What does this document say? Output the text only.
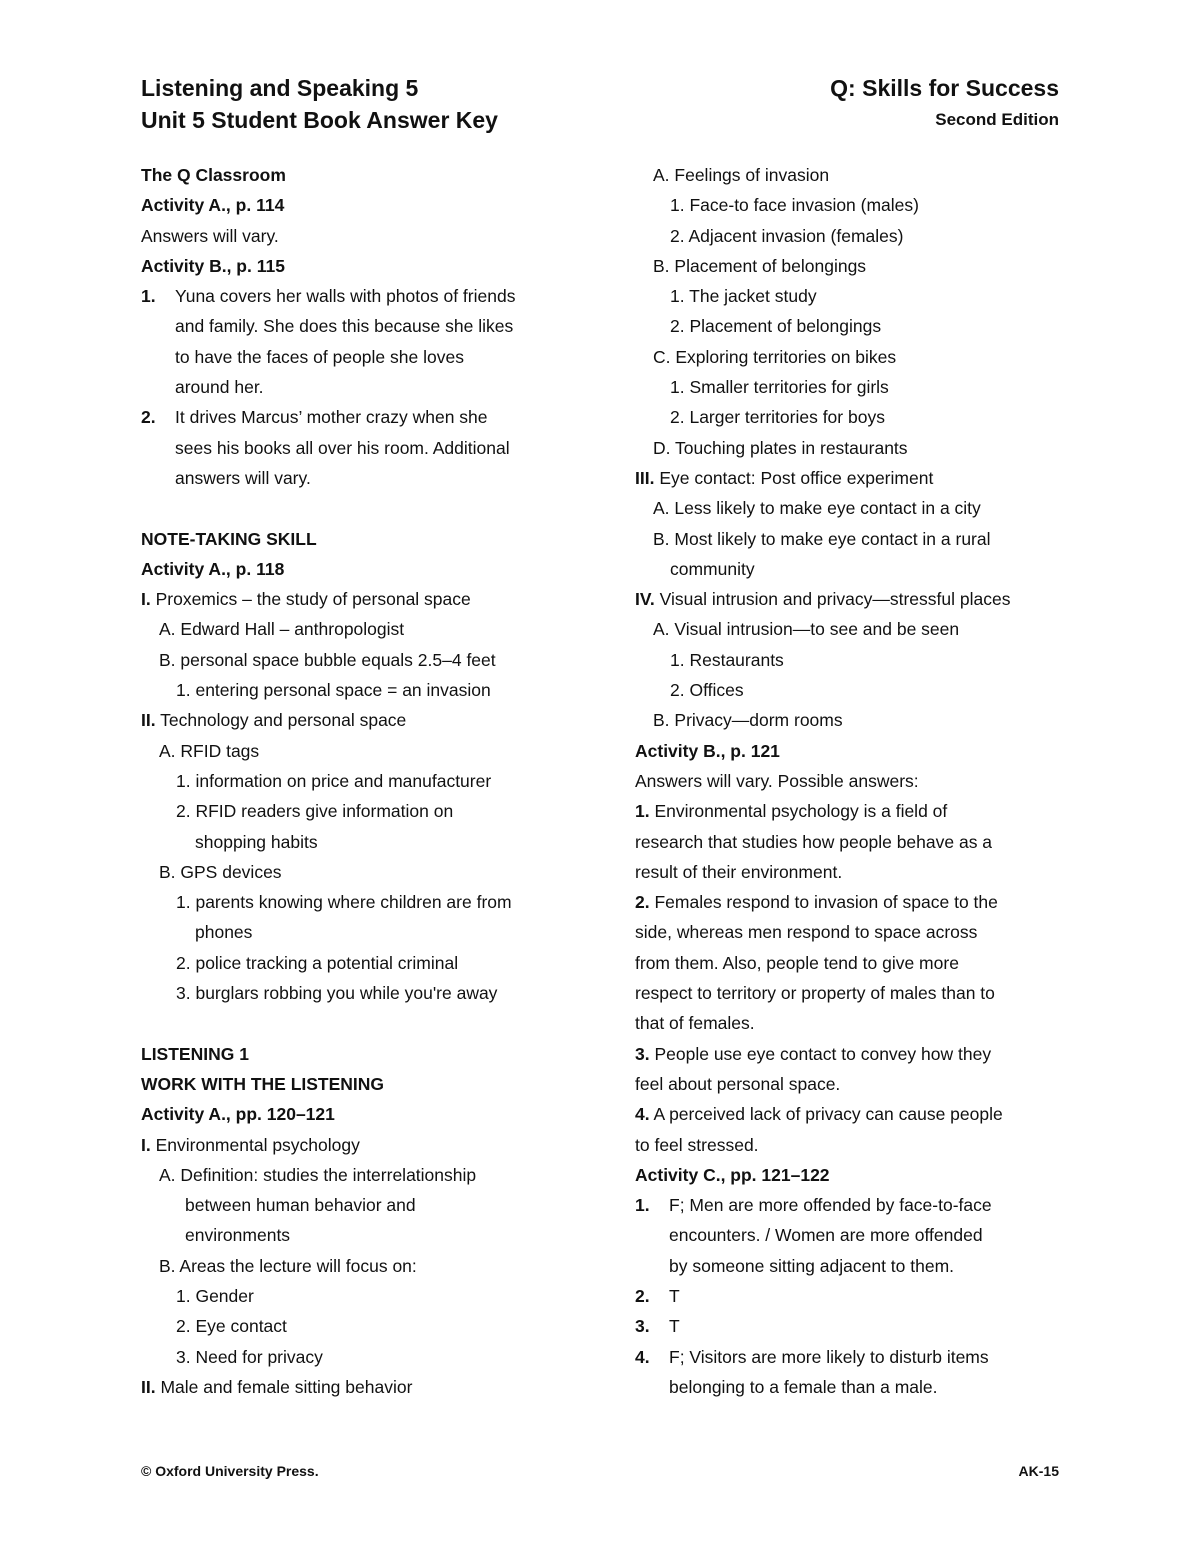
Listening and Speaking 5
Unit 5 Student Book Answer Key
Q: Skills for Success
Second Edition
The Q Classroom
Activity A., p. 114
Answers will vary.
Activity B., p. 115
1. Yuna covers her walls with photos of friends
and family. She does this because she likes
to have the faces of people she loves
around her.
2. It drives Marcus’ mother crazy when she
sees his books all over his room. Additional
answers will vary.
NOTE-TAKING SKILL
Activity A., p. 118
I. Proxemics – the study of personal space
A. Edward Hall – anthropologist
B. personal space bubble equals 2.5–4 feet
1. entering personal space = an invasion
II. Technology and personal space
A. RFID tags
1. information on price and manufacturer
2. RFID readers give information on
shopping habits
B. GPS devices
1. parents knowing where children are from
phones
2. police tracking a potential criminal
3. burglars robbing you while you're away
LISTENING 1
WORK WITH THE LISTENING
Activity A., pp. 120–121
I. Environmental psychology
A. Definition: studies the interrelationship
between human behavior and
environments
B. Areas the lecture will focus on:
1. Gender
2. Eye contact
3. Need for privacy
II. Male and female sitting behavior
A. Feelings of invasion
1. Face-to face invasion (males)
2. Adjacent invasion (females)
B. Placement of belongings
1. The jacket study
2. Placement of belongings
C. Exploring territories on bikes
1. Smaller territories for girls
2. Larger territories for boys
D. Touching plates in restaurants
III. Eye contact: Post office experiment
A. Less likely to make eye contact in a city
B. Most likely to make eye contact in a rural
community
IV. Visual intrusion and privacy—stressful places
A. Visual intrusion—to see and be seen
1. Restaurants
2. Offices
B. Privacy—dorm rooms
Activity B., p. 121
Answers will vary. Possible answers:
1. Environmental psychology is a field of
research that studies how people behave as a
result of their environment.
2. Females respond to invasion of space to the
side, whereas men respond to space across
from them. Also, people tend to give more
respect to territory or property of males than to
that of females.
3. People use eye contact to convey how they
feel about personal space.
4. A perceived lack of privacy can cause people
to feel stressed.
Activity C., pp. 121–122
1. F; Men are more offended by face-to-face
encounters. / Women are more offended
by someone sitting adjacent to them.
2. T
3. T
4. F; Visitors are more likely to disturb items
belonging to a female than a male.
© Oxford University Press.	AK-15
